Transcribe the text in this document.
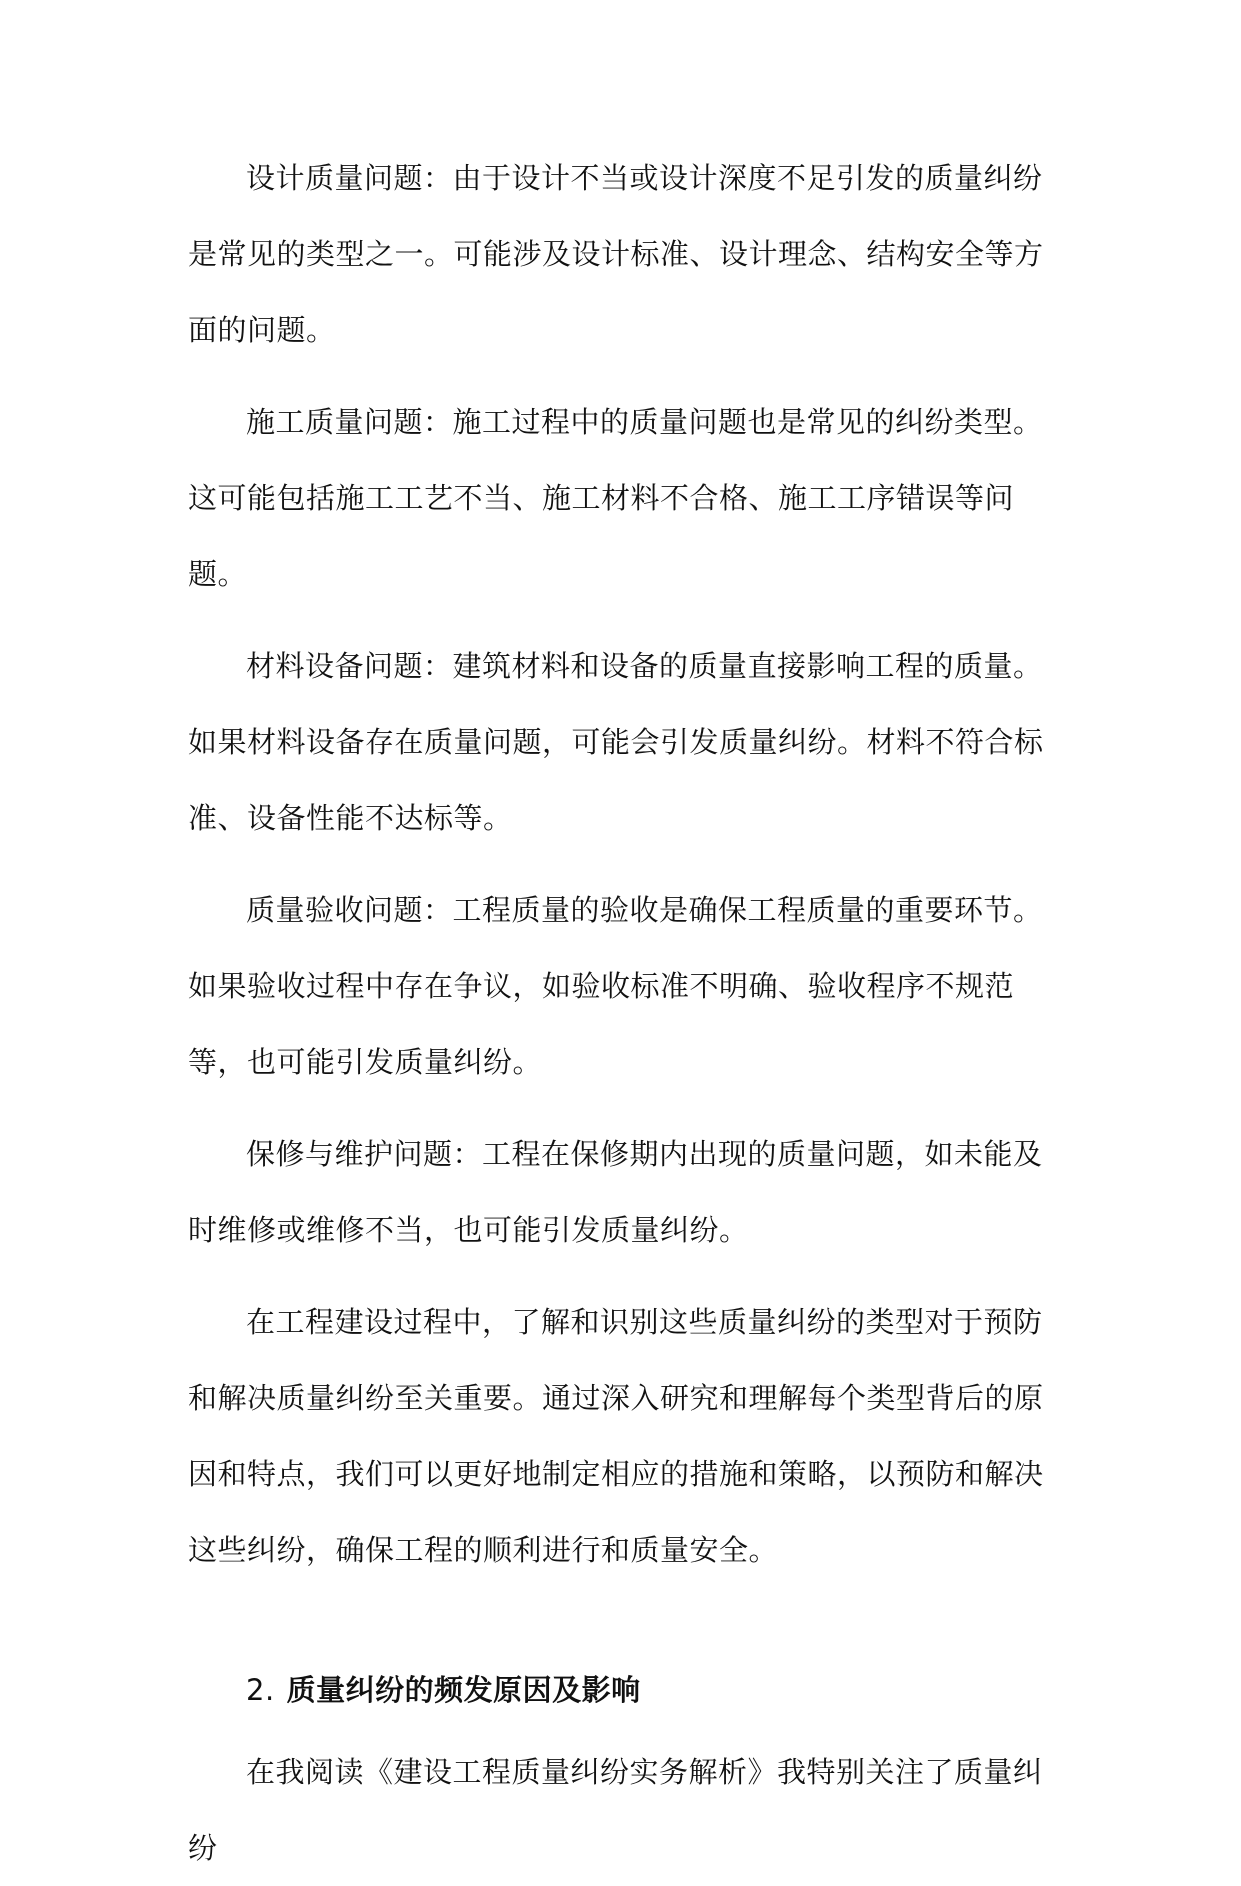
设计质量问题：由于设计不当或设计深度不足引发的质量纠纷是常见的类型之一。可能涉及设计标准、设计理念、结构安全等方面的问题。

施工质量问题：施工过程中的质量问题也是常见的纠纷类型。这可能包括施工工艺不当、施工材料不合格、施工工序错误等问题。

材料设备问题：建筑材料和设备的质量直接影响工程的质量。如果材料设备存在质量问题，可能会引发质量纠纷。材料不符合标准、设备性能不达标等。

质量验收问题：工程质量的验收是确保工程质量的重要环节。如果验收过程中存在争议，如验收标准不明确、验收程序不规范等，也可能引发质量纠纷。

保修与维护问题：工程在保修期内出现的质量问题，如未能及时维修或维修不当，也可能引发质量纠纷。

在工程建设过程中，了解和识别这些质量纠纷的类型对于预防和解决质量纠纷至关重要。通过深入研究和理解每个类型背后的原因和特点，我们可以更好地制定相应的措施和策略，以预防和解决这些纠纷，确保工程的顺利进行和质量安全。

2. 质量纠纷的频发原因及影响

在我阅读《建设工程质量纠纷实务解析》我特别关注了质量纠纷
